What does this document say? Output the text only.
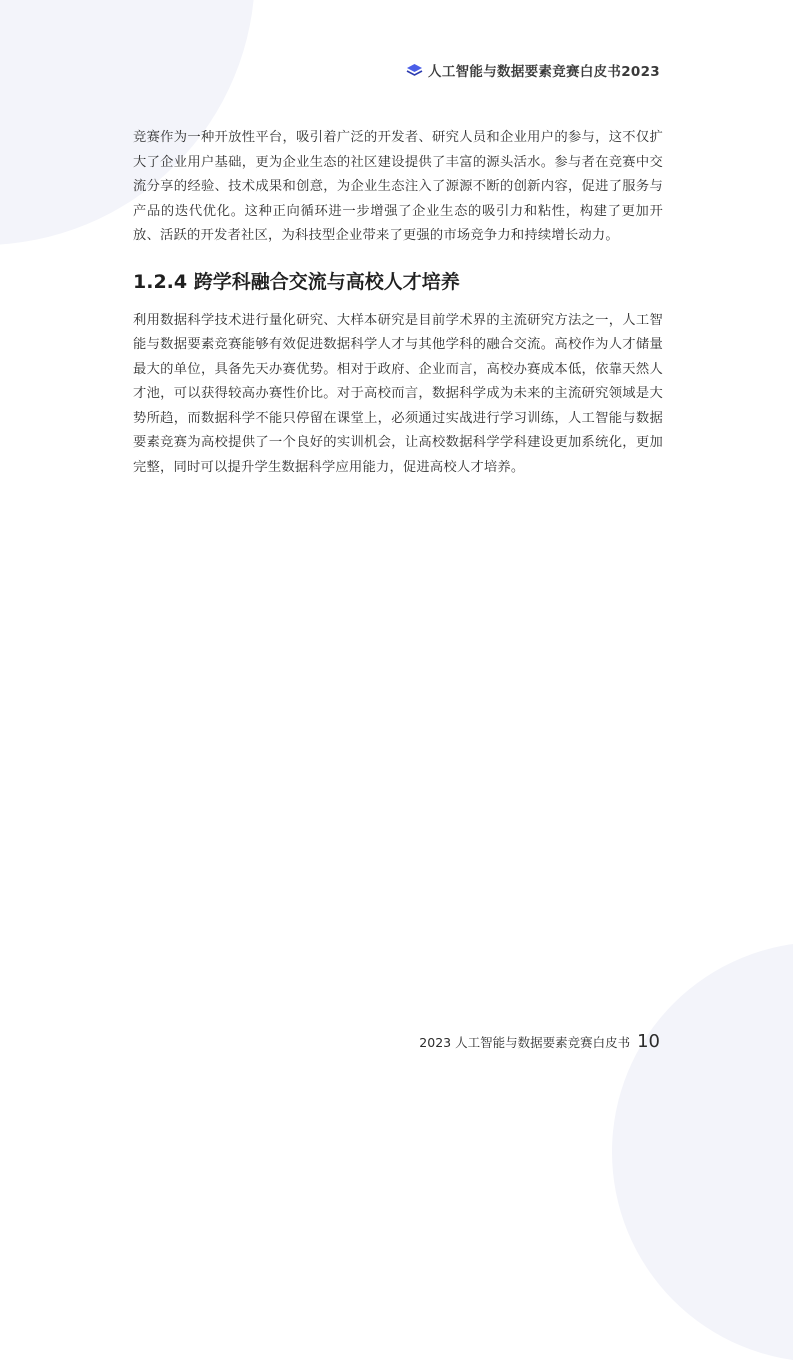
人工智能与数据要素竞赛白皮书2023

竞赛作为一种开放性平台，吸引着广泛的开发者、研究人员和企业用户的参与，这不仅扩大了企业用户基础，更为企业生态的社区建设提供了丰富的源头活水。参与者在竞赛中交流分享的经验、技术成果和创意，为企业生态注入了源源不断的创新内容，促进了服务与产品的迭代优化。这种正向循环进一步增强了企业生态的吸引力和粘性，构建了更加开放、活跃的开发者社区，为科技型企业带来了更强的市场竞争力和持续增长动力。

1.2.4 跨学科融合交流与高校人才培养

利用数据科学技术进行量化研究、大样本研究是目前学术界的主流研究方法之一，人工智能与数据要素竞赛能够有效促进数据科学人才与其他学科的融合交流。高校作为人才储量最大的单位，具备先天办赛优势。相对于政府、企业而言，高校办赛成本低，依靠天然人才池，可以获得较高办赛性价比。对于高校而言，数据科学成为未来的主流研究领域是大势所趋，而数据科学不能只停留在课堂上，必须通过实战进行学习训练，人工智能与数据要素竞赛为高校提供了一个良好的实训机会，让高校数据科学学科建设更加系统化，更加完整，同时可以提升学生数据科学应用能力，促进高校人才培养。

2023 人工智能与数据要素竞赛白皮书 10
